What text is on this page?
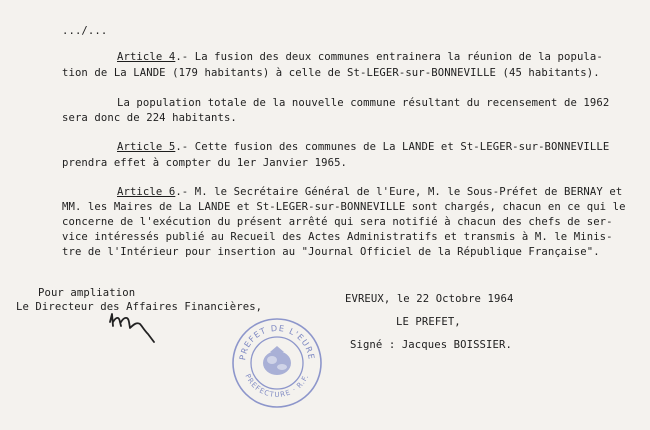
.../...
Article 4.- La fusion des deux communes entrainera la réunion de la popula-
tion de La LANDE (179 habitants) à celle de St-LEGER-sur-BONNEVILLE (45 habitants).
La population totale de la nouvelle commune résultant du recensement de 1962
sera donc de 224 habitants.
Article 5.- Cette fusion des communes de La LANDE et St-LEGER-sur-BONNEVILLE
prendra effet à compter du 1er Janvier 1965.
Article 6.- M. le Secrétaire Général de l'Eure, M. le Sous-Préfet de BERNAY et
MM. les Maires de La LANDE et St-LEGER-sur-BONNEVILLE sont chargés, chacun en ce qui le
concerne de l'exécution du présent arrêté qui sera notifié à chacun des chefs de ser-
vice intéressés publié au Recueil des Actes Administratifs et transmis à M. le Minis-
tre de l'Intérieur pour insertion au "Journal Officiel de la République Française".
Pour ampliation
Le Directeur des Affaires Financières,
EVREUX, le 22 Octobre 1964
LE PREFET,
Signé : Jacques BOISSIER.
PREFET DE L'EURE
PREFECTURE · R.F.
